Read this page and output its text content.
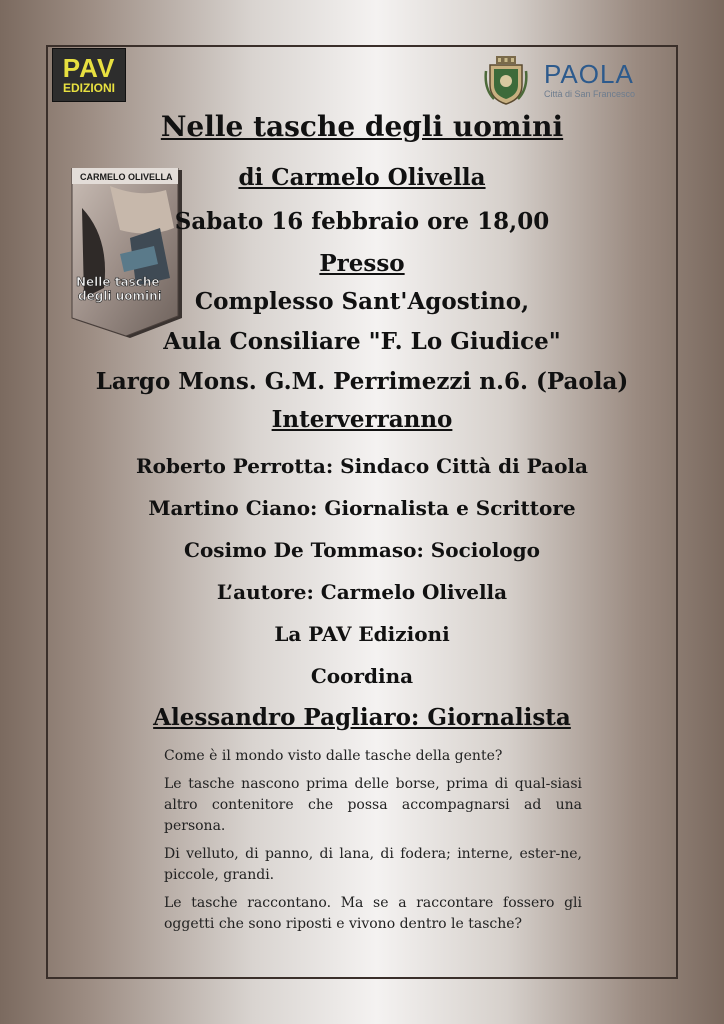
PAV
EDIZIONI	PAOLA
Città di San Francesco
CARMELO OLIVELLA
Nelle tasche
degli uomini
Nelle tasche degli uomini
di Carmelo Olivella
Sabato 16 febbraio ore 18,00
Presso
Complesso Sant'Agostino,
Aula Consiliare "F. Lo Giudice"
Largo Mons. G.M. Perrimezzi n.6. (Paola)
Interverranno
Roberto Perrotta: Sindaco Città di Paola
Martino Ciano: Giornalista e Scrittore
Cosimo De Tommaso: Sociologo
L’autore: Carmelo Olivella
La PAV Edizioni
Coordina
Alessandro Pagliaro: Giornalista

Come è il mondo visto dalle tasche della gente?

Le tasche nascono prima delle borse, prima di qual-siasi altro contenitore che possa accompagnarsi ad una persona.

Di velluto, di panno, di lana, di fodera; interne, ester-ne, piccole, grandi.

Le tasche raccontano. Ma se a raccontare fossero gli oggetti che sono riposti e vivono dentro le tasche?
